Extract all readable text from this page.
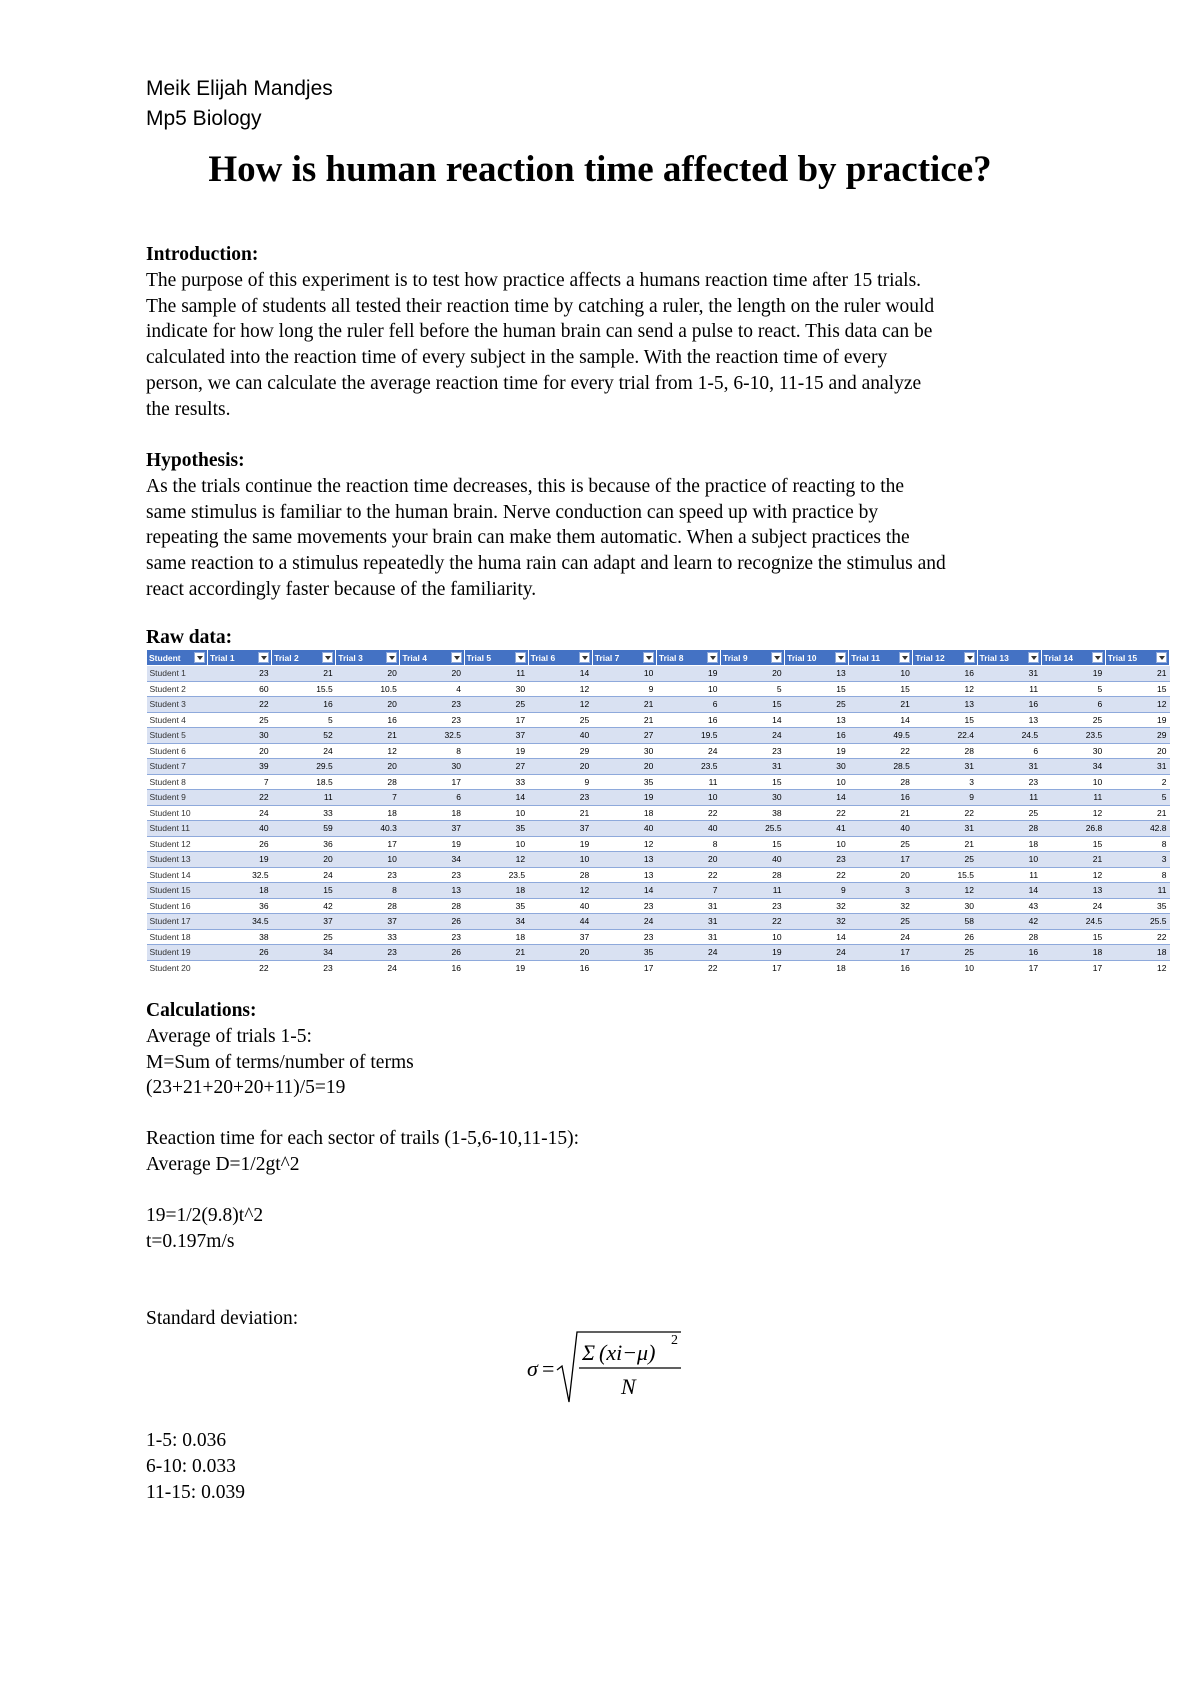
Meik Elijah Mandjes
Mp5 Biology
How is human reaction time affected by practice?
Introduction:
The purpose of this experiment is to test how practice affects a humans reaction time after 15 trials.
The sample of students all tested their reaction time by catching a ruler, the length on the ruler would
indicate for how long the ruler fell before the human brain can send a pulse to react. This data can be
calculated into the reaction time of every subject in the sample. With the reaction time of every
person, we can calculate the average reaction time for every trial from 1-5, 6-10, 11-15 and analyze
the results.
Hypothesis:
As the trials continue the reaction time decreases, this is because of the practice of reacting to the
same stimulus is familiar to the human brain. Nerve conduction can speed up with practice by
repeating the same movements your brain can make them automatic. When a subject practices the
same reaction to a stimulus repeatedly the huma rain can adapt and learn to recognize the stimulus and
react accordingly faster because of the familiarity.
Raw data:
Student	Trial 1	Trial 2	Trial 3	Trial 4	Trial 5	Trial 6	Trial 7	Trial 8	Trial 9	Trial 10	Trial 11	Trial 12	Trial 13	Trial 14	Trial 15

Student 1	23	21	20	20	11	14	10	19	20	13	10	16	31	19	21
Student 2	60	15.5	10.5	4	30	12	9	10	5	15	15	12	11	5	15
Student 3	22	16	20	23	25	12	21	6	15	25	21	13	16	6	12
Student 4	25	5	16	23	17	25	21	16	14	13	14	15	13	25	19
Student 5	30	52	21	32.5	37	40	27	19.5	24	16	49.5	22.4	24.5	23.5	29
Student 6	20	24	12	8	19	29	30	24	23	19	22	28	6	30	20
Student 7	39	29.5	20	30	27	20	20	23.5	31	30	28.5	31	31	34	31
Student 8	7	18.5	28	17	33	9	35	11	15	10	28	3	23	10	2
Student 9	22	11	7	6	14	23	19	10	30	14	16	9	11	11	5
Student 10	24	33	18	18	10	21	18	22	38	22	21	22	25	12	21
Student 11	40	59	40.3	37	35	37	40	40	25.5	41	40	31	28	26.8	42.8
Student 12	26	36	17	19	10	19	12	8	15	10	25	21	18	15	8
Student 13	19	20	10	34	12	10	13	20	40	23	17	25	10	21	3
Student 14	32.5	24	23	23	23.5	28	13	22	28	22	20	15.5	11	12	8
Student 15	18	15	8	13	18	12	14	7	11	9	3	12	14	13	11
Student 16	36	42	28	28	35	40	23	31	23	32	32	30	43	24	35
Student 17	34.5	37	37	26	34	44	24	31	22	32	25	58	42	24.5	25.5
Student 18	38	25	33	23	18	37	23	31	10	14	24	26	28	15	22
Student 19	26	34	23	26	21	20	35	24	19	24	17	25	16	18	18
Student 20	22	23	24	16	19	16	17	22	17	18	16	10	17	17	12
Calculations:
Average of trials 1-5:
M=Sum of terms/number of terms
(23+21+20+20+11)/5=19
Reaction time for each sector of trails (1-5,6-10,11-15):
Average D=1/2gt^2
19=1/2(9.8)t^2
t=0.197m/s
Standard deviation:
σ =
Σ (xi−μ) 2
N
1-5: 0.036
6-10: 0.033
11-15: 0.039
